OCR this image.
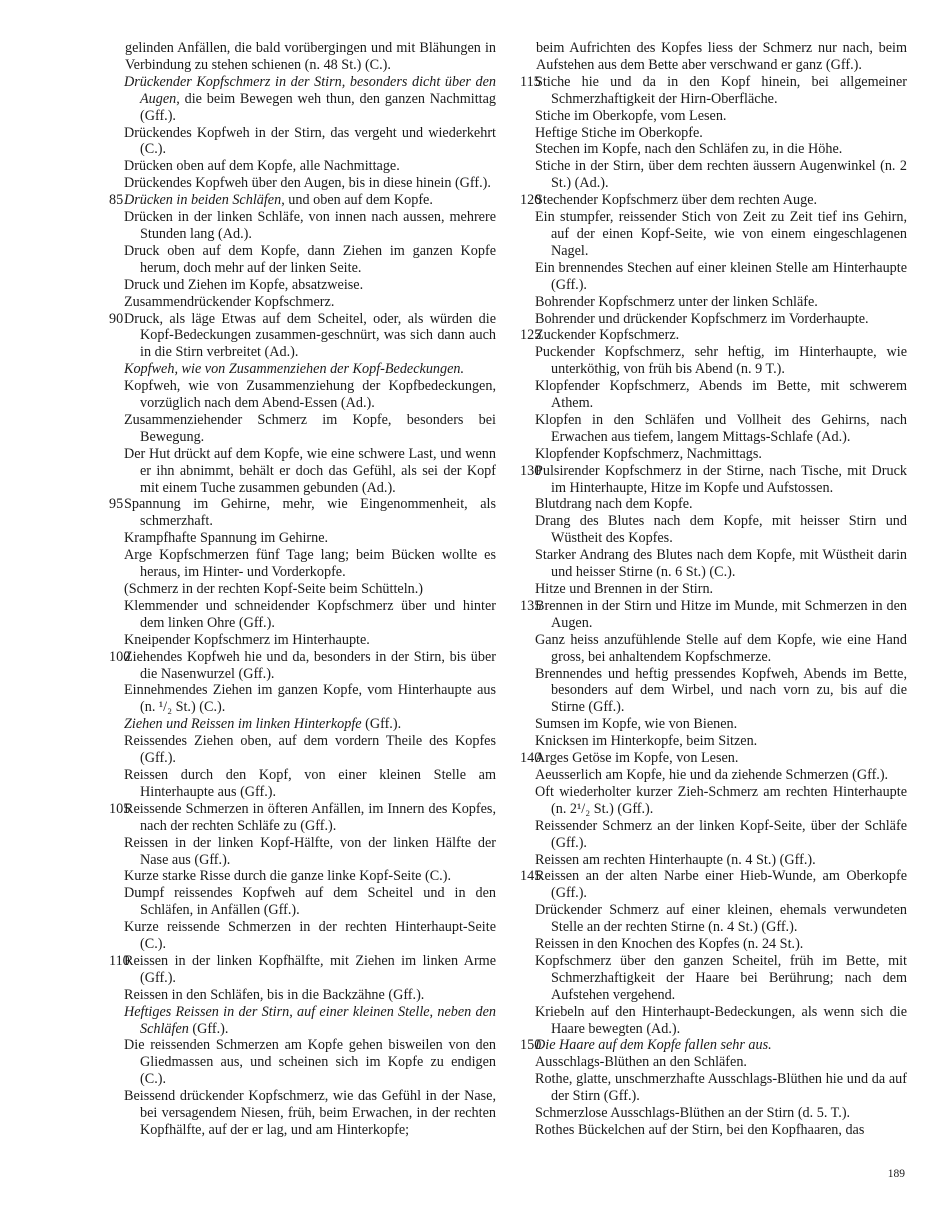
gelinden Anfällen, die bald vorübergingen und mit Blähungen in Verbindung zu stehen schienen (n. 48 St.) (C.).

Drückender Kopfschmerz in der Stirn, besonders dicht über den Augen, die beim Bewegen weh thun, den ganzen Nachmittag (Gff.).

Drückendes Kopfweh in der Stirn, das vergeht und wiederkehrt (C.).

Drücken oben auf dem Kopfe, alle Nachmittage.

Drückendes Kopfweh über den Augen, bis in diese hinein (Gff.).

85 Drücken in beiden Schläfen, und oben auf dem Kopfe.

Drücken in der linken Schläfe, von innen nach aussen, mehrere Stunden lang (Ad.).

Druck oben auf dem Kopfe, dann Ziehen im ganzen Kopfe herum, doch mehr auf der linken Seite.

Druck und Ziehen im Kopfe, absatzweise.

Zusammendrückender Kopfschmerz.

90 Druck, als läge Etwas auf dem Scheitel, oder, als würden die Kopf-Bedeckungen zusammen-geschnürt, was sich dann auch in die Stirn verbreitet (Ad.).

Kopfweh, wie von Zusammenziehen der Kopf-Bedeckungen.

Kopfweh, wie von Zusammenziehung der Kopfbedeckungen, vorzüglich nach dem Abend-Essen (Ad.).

Zusammenziehender Schmerz im Kopfe, besonders bei Bewegung.

Der Hut drückt auf dem Kopfe, wie eine schwere Last, und wenn er ihn abnimmt, behält er doch das Gefühl, als sei der Kopf mit einem Tuche zusammen gebunden (Ad.).

95 Spannung im Gehirne, mehr, wie Eingenommenheit, als schmerzhaft.

Krampfhafte Spannung im Gehirne.

Arge Kopfschmerzen fünf Tage lang; beim Bücken wollte es heraus, im Hinter- und Vorderkopfe.

(Schmerz in der rechten Kopf-Seite beim Schütteln.)

Klemmender und schneidender Kopfschmerz über und hinter dem linken Ohre (Gff.).

Kneipender Kopfschmerz im Hinterhaupte.

100
Ziehendes Kopfweh hie und da, besonders in der Stirn, bis über die Nasenwurzel (Gff.).

Einnehmendes Ziehen im ganzen Kopfe, vom Hinterhaupte aus (n. ¹/₂ St.) (C.).

Ziehen und Reissen im linken Hinterkopfe (Gff.).

Reissendes Ziehen oben, auf dem vordern Theile des Kopfes (Gff.).

Reissen durch den Kopf, von einer kleinen Stelle am Hinterhaupte aus (Gff.).

105
Reissende Schmerzen in öfteren Anfällen, im Innern des Kopfes, nach der rechten Schläfe zu (Gff.).

Reissen in der linken Kopf-Hälfte, von der linken Hälfte der Nase aus (Gff.).

Kurze starke Risse durch die ganze linke Kopf-Seite (C.).

Dumpf reissendes Kopfweh auf dem Scheitel und in den Schläfen, in Anfällen (Gff.).

Kurze reissende Schmerzen in der rechten Hinterhaupt-Seite (C.).

110
Reissen in der linken Kopfhälfte, mit Ziehen im linken Arme (Gff.).

Reissen in den Schläfen, bis in die Backzähne (Gff.).

Heftiges Reissen in der Stirn, auf einer kleinen Stelle, neben den Schläfen (Gff.).

Die reissenden Schmerzen am Kopfe gehen bisweilen von den Gliedmassen aus, und scheinen sich im Kopfe zu endigen (C.).

Beissend drückender Kopfschmerz, wie das Gefühl in der Nase, bei versagendem Niesen, früh, beim Erwachen, in der rechten Kopfhälfte, auf der er lag, und am Hinterkopfe;

beim Aufrichten des Kopfes liess der Schmerz nur nach, beim Aufstehen aus dem Bette aber verschwand er ganz (Gff.).

115
Stiche hie und da in den Kopf hinein, bei allgemeiner Schmerzhaftigkeit der Hirn-Oberfläche.

Stiche im Oberkopfe, vom Lesen.

Heftige Stiche im Oberkopfe.

Stechen im Kopfe, nach den Schläfen zu, in die Höhe.

Stiche in der Stirn, über dem rechten äussern Augenwinkel (n. 2 St.) (Ad.).

120
Stechender Kopfschmerz über dem rechten Auge.

Ein stumpfer, reissender Stich von Zeit zu Zeit tief ins Gehirn, auf der einen Kopf-Seite, wie von einem eingeschlagenen Nagel.

Ein brennendes Stechen auf einer kleinen Stelle am Hinterhaupte (Gff.).

Bohrender Kopfschmerz unter der linken Schläfe.

Bohrender und drückender Kopfschmerz im Vorderhaupte.

125
Zuckender Kopfschmerz.

Puckender Kopfschmerz, sehr heftig, im Hinterhaupte, wie unterköthig, von früh bis Abend (n. 9 T.).

Klopfender Kopfschmerz, Abends im Bette, mit schwerem Athem.

Klopfen in den Schläfen und Vollheit des Gehirns, nach Erwachen aus tiefem, langem Mittags-Schlafe (Ad.).

Klopfender Kopfschmerz, Nachmittags.

130
Pulsirender Kopfschmerz in der Stirne, nach Tische, mit Druck im Hinterhaupte, Hitze im Kopfe und Aufstossen.

Blutdrang nach dem Kopfe.

Drang des Blutes nach dem Kopfe, mit heisser Stirn und Wüstheit des Kopfes.

Starker Andrang des Blutes nach dem Kopfe, mit Wüstheit darin und heisser Stirne (n. 6 St.) (C.).

Hitze und Brennen in der Stirn.

135
Brennen in der Stirn und Hitze im Munde, mit Schmerzen in den Augen.

Ganz heiss anzufühlende Stelle auf dem Kopfe, wie eine Hand gross, bei anhaltendem Kopfschmerze.

Brennendes und heftig pressendes Kopfweh, Abends im Bette, besonders auf dem Wirbel, und nach vorn zu, bis auf die Stirne (Gff.).

Sumsen im Kopfe, wie von Bienen.

Knicksen im Hinterkopfe, beim Sitzen.

140
Arges Getöse im Kopfe, von Lesen.

Aeusserlich am Kopfe, hie und da ziehende Schmerzen (Gff.).

Oft wiederholter kurzer Zieh-Schmerz am rechten Hinterhaupte (n. 2¹/₂ St.) (Gff.).

Reissender Schmerz an der linken Kopf-Seite, über der Schläfe (Gff.).

Reissen am rechten Hinterhaupte (n. 4 St.) (Gff.).

145
Reissen an der alten Narbe einer Hieb-Wunde, am Oberkopfe (Gff.).

Drückender Schmerz auf einer kleinen, ehemals verwundeten Stelle an der rechten Stirne (n. 4 St.) (Gff.).

Reissen in den Knochen des Kopfes (n. 24 St.).

Kopfschmerz über den ganzen Scheitel, früh im Bette, mit Schmerzhaftigkeit der Haare bei Berührung; nach dem Aufstehen vergehend.

Kriebeln auf den Hinterhaupt-Bedeckungen, als wenn sich die Haare bewegten (Ad.).

150
Die Haare auf dem Kopfe fallen sehr aus.

Ausschlags-Blüthen an den Schläfen.

Rothe, glatte, unschmerzhafte Ausschlags-Blüthen hie und da auf der Stirn (Gff.).

Schmerzlose Ausschlags-Blüthen an der Stirn (d. 5. T.).

Rothes Bückelchen auf der Stirn, bei den Kopfhaaren, das

189
